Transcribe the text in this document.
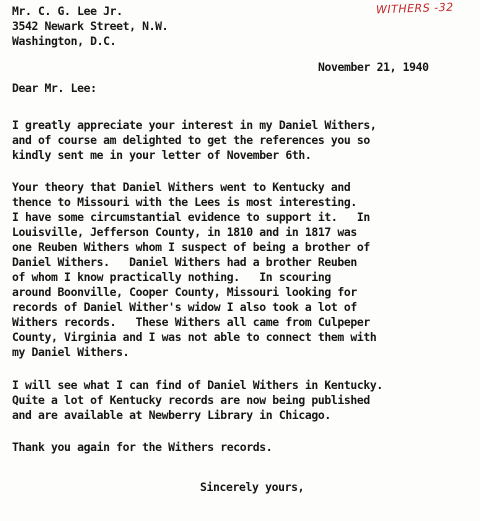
WITHERS -32
Mr. C. G. Lee Jr.
3542 Newark Street, N.W.
Washington, D.C.
November 21, 1940
Dear Mr. Lee:
I greatly appreciate your interest in my Daniel Withers,
and of course am delighted to get the references you so
kindly sent me in your letter of November 6th.
Your theory that Daniel Withers went to Kentucky and
thence to Missouri with the Lees is most interesting.
I have some circumstantial evidence to support it.   In
Louisville, Jefferson County, in 1810 and in 1817 was
one Reuben Withers whom I suspect of being a brother of
Daniel Withers.   Daniel Withers had a brother Reuben
of whom I know practically nothing.   In scouring
around Boonville, Cooper County, Missouri looking for
records of Daniel Wither's widow I also took a lot of
Withers records.   These Withers all came from Culpeper
County, Virginia and I was not able to connect them with
my Daniel Withers.
I will see what I can find of Daniel Withers in Kentucky.
Quite a lot of Kentucky records are now being published
and are available at Newberry Library in Chicago.
Thank you again for the Withers records.
Sincerely yours,
